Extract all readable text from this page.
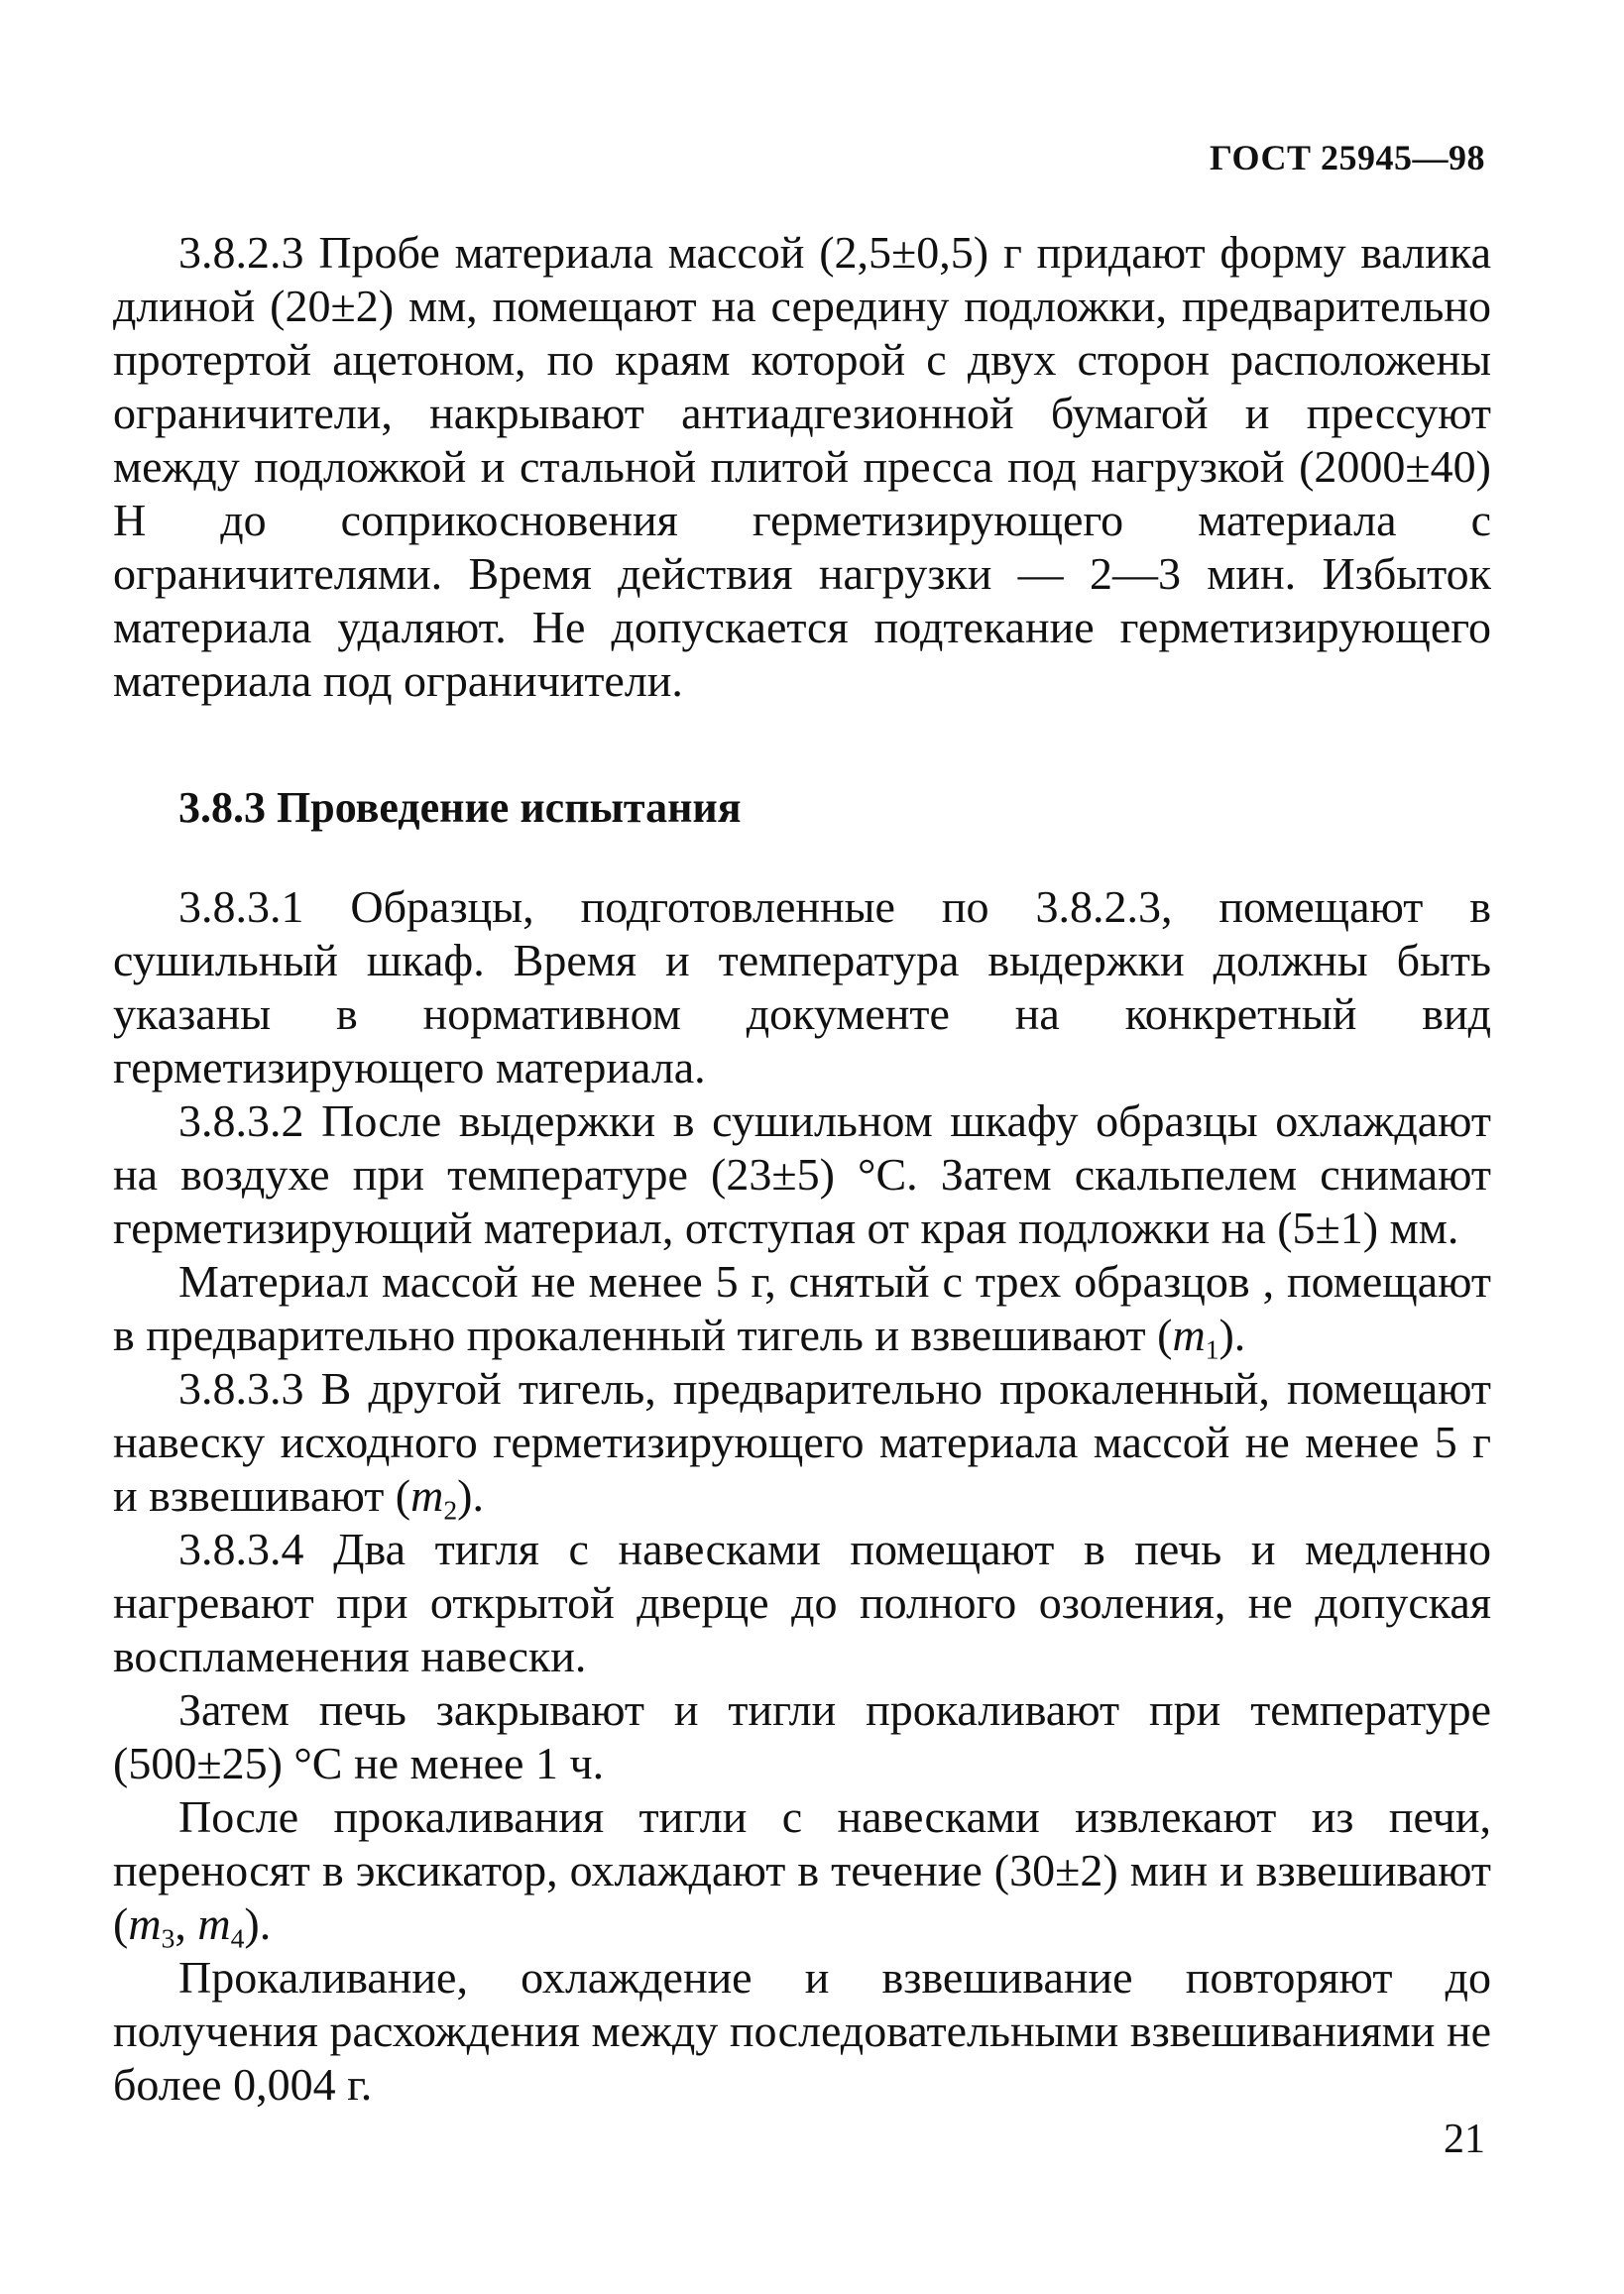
ГОСТ 25945—98

3.8.2.3 Пробе материала массой (2,5±0,5) г придают форму валика длиной (20±2) мм, помещают на середину подложки, предварительно протертой ацетоном, по краям которой с двух сторон расположены ограничители, накрывают антиадгезионной бумагой и прессуют между подложкой и стальной плитой пресса под нагрузкой (2000±40) Н до соприкосновения герметизирующего материала с ограничителями. Время действия нагрузки — 2—3 мин. Избыток материала удаляют. Не допускается подтекание герметизирующего материала под ограничители.

3.8.3 Проведение испытания

3.8.3.1 Образцы, подготовленные по 3.8.2.3, помещают в сушильный шкаф. Время и температура выдержки должны быть указаны в нормативном документе на конкретный вид герметизирующего материала.

3.8.3.2 После выдержки в сушильном шкафу образцы охлаждают на воздухе при температуре (23±5) °С. Затем скальпелем снимают герметизирующий материал, отступая от края подложки на (5±1) мм.

Материал массой не менее 5 г, снятый с трех образцов , помещают в предварительно прокаленный тигель и взвешивают $(m_1)$.

3.8.3.3 В другой тигель, предварительно прокаленный, помещают навеску исходного герметизирующего материала массой не менее 5 г и взвешивают $(m_2)$.

3.8.3.4 Два тигля с навесками помещают в печь и медленно нагревают при открытой дверце до полного озоления, не допуская воспламенения навески.

Затем печь закрывают и тигли прокаливают при температуре (500±25) °С не менее 1 ч.

После прокаливания тигли с навесками извлекают из печи, переносят в эксикатор, охлаждают в течение (30±2) мин и взвешивают ($m_3$, $m_4$).

Прокаливание, охлаждение и взвешивание повторяют до получения расхождения между последовательными взвешиваниями не более 0,004 г.

21
